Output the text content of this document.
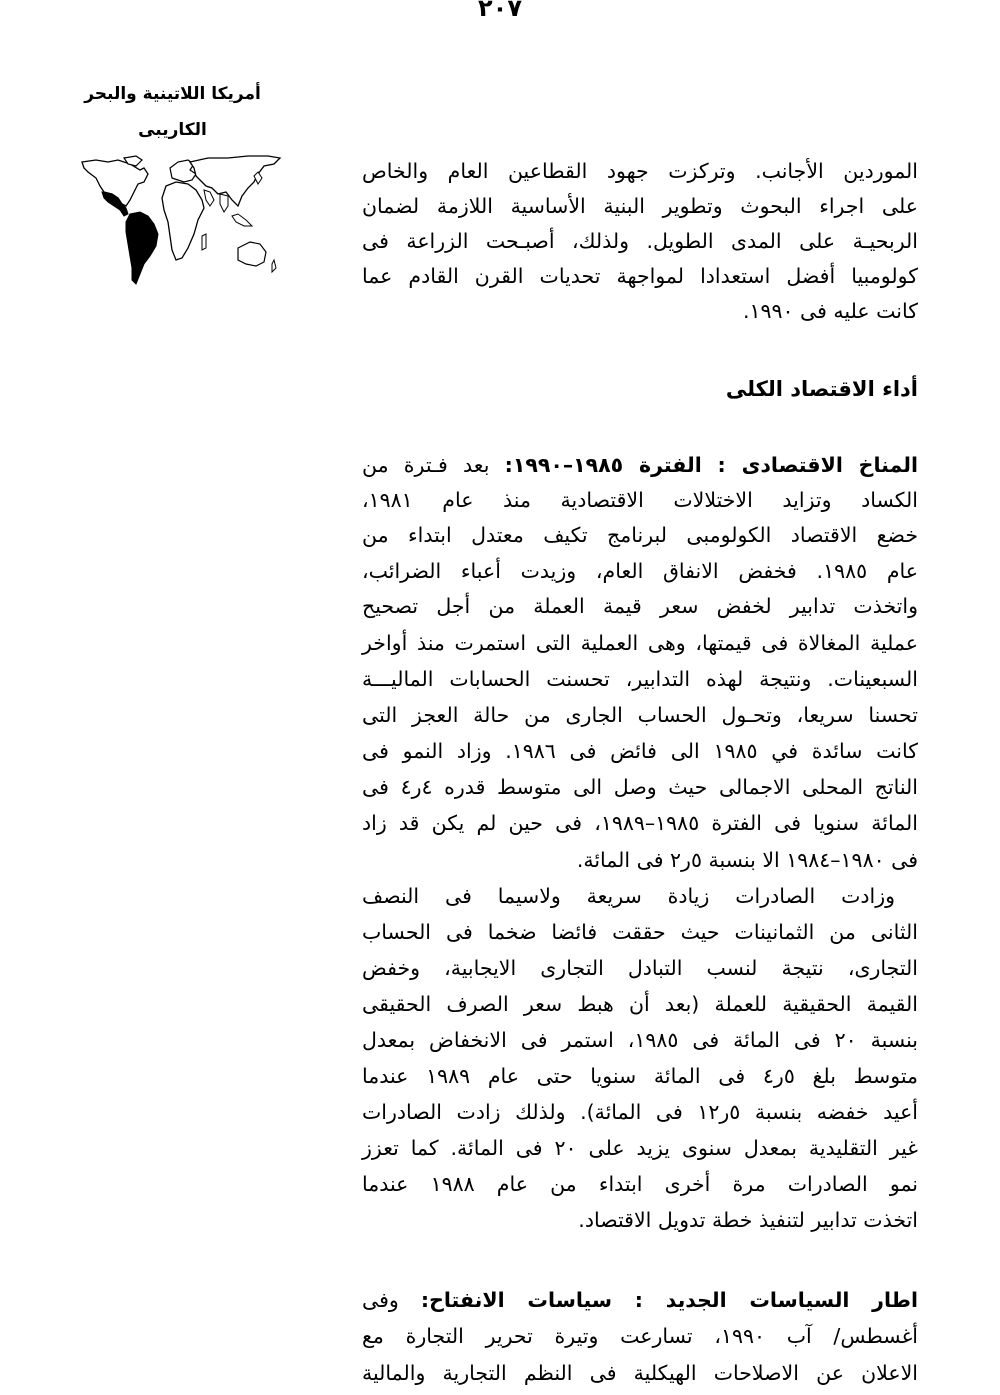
٢٠٧
أمريكا اللاتينية والبحر
الكاريبى
الموردين الأجانب. وتركزت جهود القطاعين العام والخاص
على اجراء البحوث وتطوير البنية الأساسية اللازمة لضمان
الربحيـة على المدى الطويل. ولذلك، أصبـحت الزراعة فى
كولومبيا أفضل استعدادا لمواجهة تحديات القرن القادم عما
كانت عليه فى ١٩٩٠.
أداء الاقتصاد الكلى
المناخ الاقتصادى : الفترة ١٩٨٥–١٩٩٠: بعد فـترة من
الكساد وتزايد الاختلالات الاقتصادية منذ عام ١٩٨١،
خضع الاقتصاد الكولومبى لبرنامج تكيف معتدل ابتداء من
عام ١٩٨٥. فخفض الانفاق العام، وزيدت أعباء الضرائب،
واتخذت تدابير لخفض سعر قيمة العملة من أجل تصحيح
عملية المغالاة فى قيمتها، وهى العملية التى استمرت منذ أواخر
السبعينات. ونتيجة لهذه التدابير، تحسنت الحسابات الماليـــة
تحسنا سريعا، وتحـول الحساب الجارى من حالة العجز التى
كانت سائدة في ١٩٨٥ الى فائض فى ١٩٨٦. وزاد النمو فى
الناتج المحلى الاجمالى حيث وصل الى متوسط قدره ٤ر٤ فى
المائة سنويا فى الفترة ١٩٨٥–١٩٨٩، فى حين لم يكن قد زاد
فى ١٩٨٠–١٩٨٤ الا بنسبة ٥ر٢ فى المائة.
وزادت الصادرات زيادة سريعة ولاسيما فى النصف
الثانى من الثمانينات حيث حققت فائضا ضخما فى الحساب
التجارى، نتيجة لنسب التبادل التجارى الايجابية، وخفض
القيمة الحقيقية للعملة (بعد أن هبط سعر الصرف الحقيقى
بنسبة ٢٠ فى المائة فى ١٩٨٥، استمر فى الانخفاض بمعدل
متوسط بلغ ٥ر٤ فى المائة سنويا حتى عام ١٩٨٩ عندما
أعيد خفضه بنسبة ٥ر١٢ فى المائة). ولذلك زادت الصادرات
غير التقليدية بمعدل سنوى يزيد على ٢٠ فى المائة. كما تعزز
نمو الصادرات مرة أخرى ابتداء من عام ١٩٨٨ عندما
اتخذت تدابير لتنفيذ خطة تدويل الاقتصاد.
اطار السياسات الجديد : سياسات الانفتاح: وفى
أغسطس/ آب ١٩٩٠، تسارعت وتيرة تحرير التجارة مع
الاعلان عن الاصلاحات الهيكلية فى النظم التجارية والمالية
